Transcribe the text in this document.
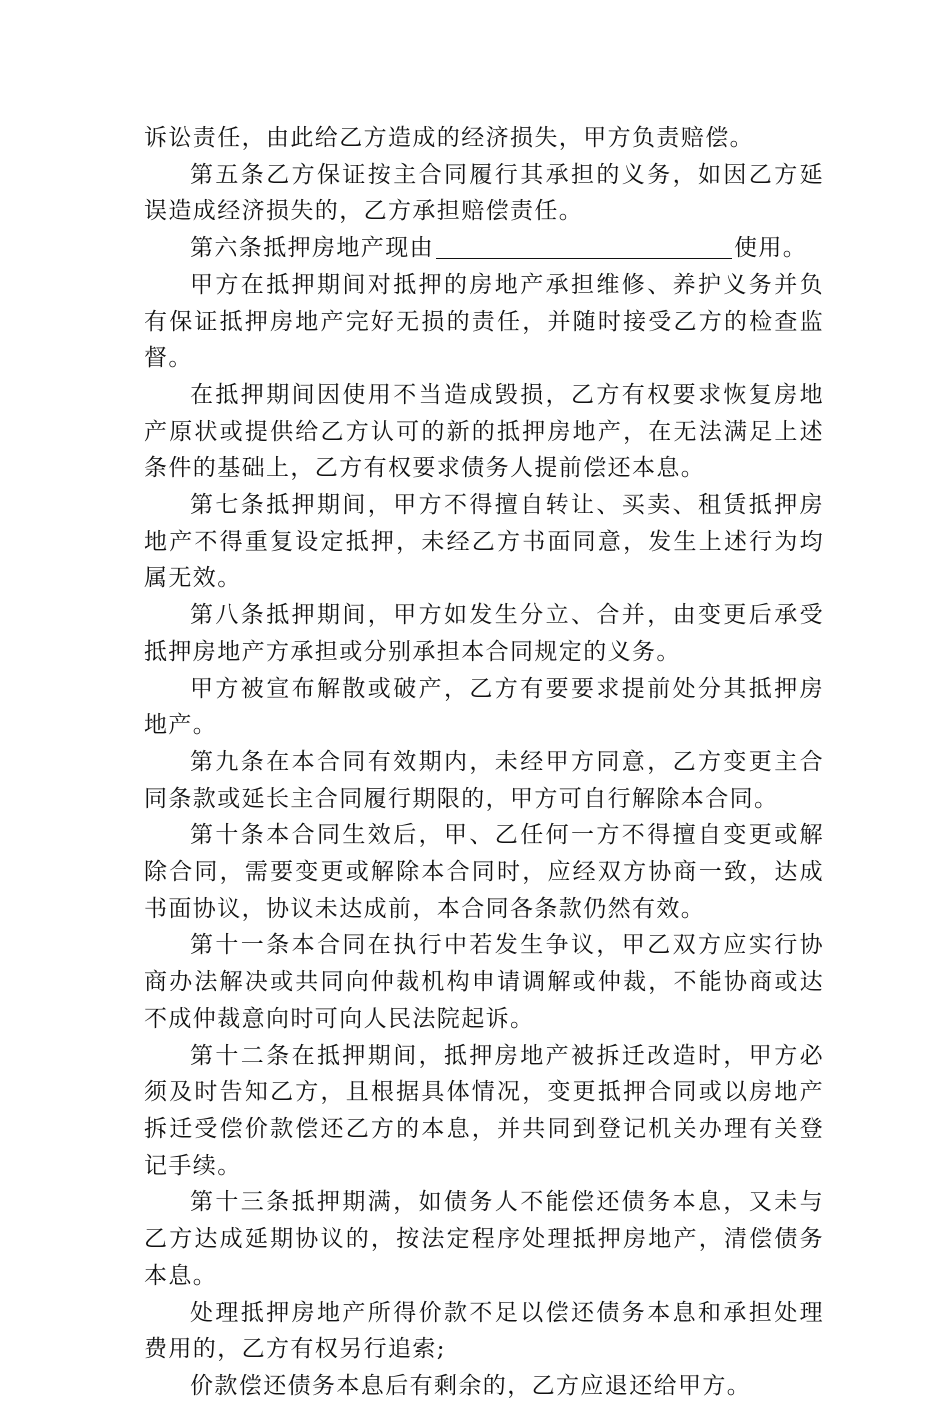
诉讼责任，由此给乙方造成的经济损失，甲方负责赔偿。

第五条乙方保证按主合同履行其承担的义务，如因乙方延误造成经济损失的，乙方承担赔偿责任。

第六条抵押房地产现由	使用。

甲方在抵押期间对抵押的房地产承担维修、养护义务并负有保证抵押房地产完好无损的责任，并随时接受乙方的检查监督。

在抵押期间因使用不当造成毁损，乙方有权要求恢复房地产原状或提供给乙方认可的新的抵押房地产，在无法满足上述条件的基础上，乙方有权要求债务人提前偿还本息。

第七条抵押期间，甲方不得擅自转让、买卖、租赁抵押房地产不得重复设定抵押，未经乙方书面同意，发生上述行为均属无效。

第八条抵押期间，甲方如发生分立、合并，由变更后承受抵押房地产方承担或分别承担本合同规定的义务。

甲方被宣布解散或破产，乙方有要要求提前处分其抵押房地产。

第九条在本合同有效期内，未经甲方同意，乙方变更主合同条款或延长主合同履行期限的，甲方可自行解除本合同。

第十条本合同生效后，甲、乙任何一方不得擅自变更或解除合同，需要变更或解除本合同时，应经双方协商一致，达成书面协议，协议未达成前，本合同各条款仍然有效。

第十一条本合同在执行中若发生争议，甲乙双方应实行协商办法解决或共同向仲裁机构申请调解或仲裁，不能协商或达不成仲裁意向时可向人民法院起诉。

第十二条在抵押期间，抵押房地产被拆迁改造时，甲方必须及时告知乙方，且根据具体情况，变更抵押合同或以房地产拆迁受偿价款偿还乙方的本息，并共同到登记机关办理有关登记手续。

第十三条抵押期满，如债务人不能偿还债务本息，又未与乙方达成延期协议的，按法定程序处理抵押房地产，清偿债务本息。

处理抵押房地产所得价款不足以偿还债务本息和承担处理费用的，乙方有权另行追索;

价款偿还债务本息后有剩余的，乙方应退还给甲方。
